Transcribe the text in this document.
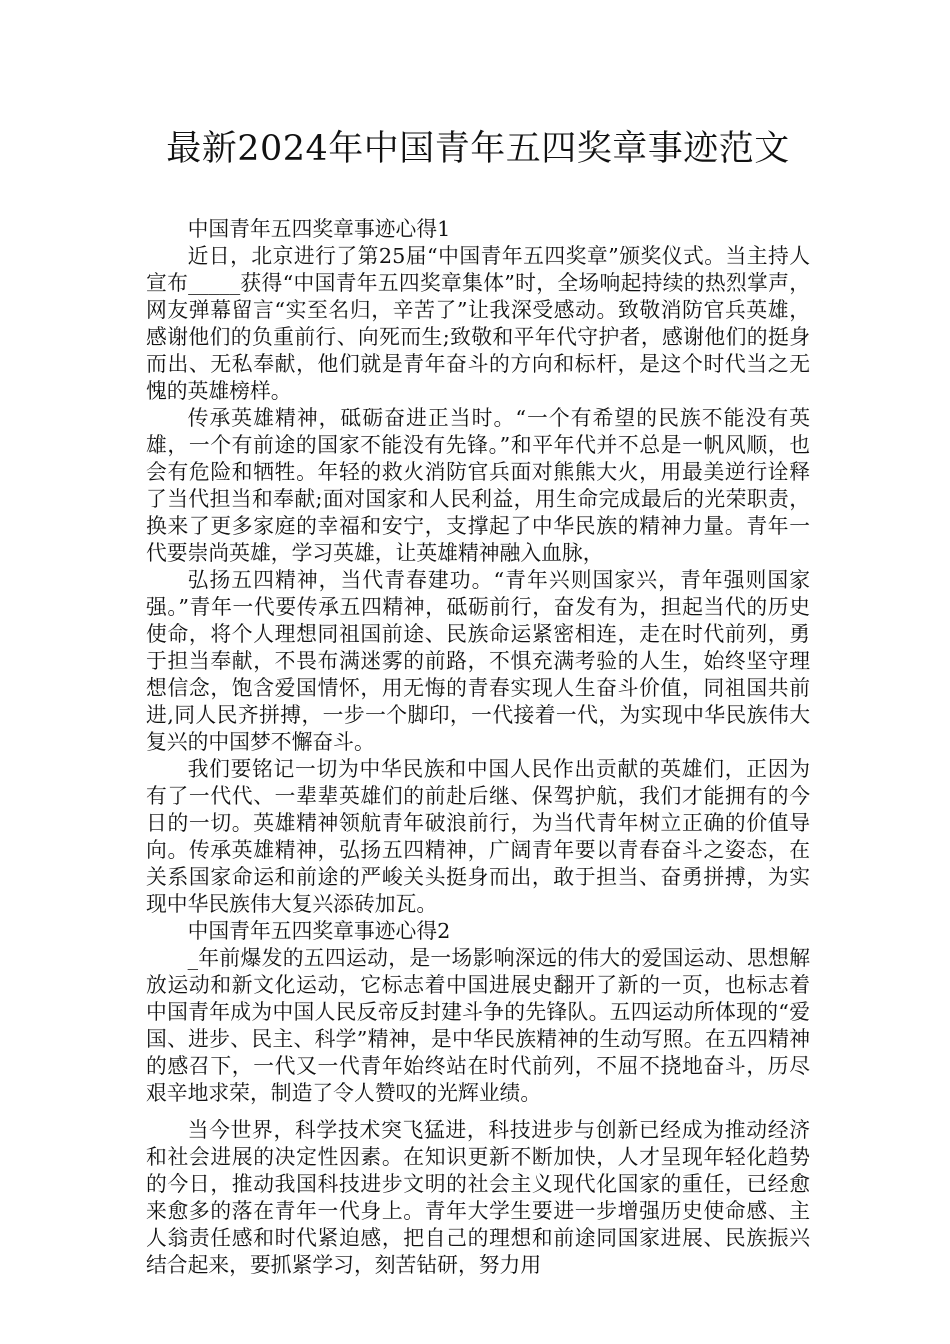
最新2024年中国青年五四奖章事迹范文

中国青年五四奖章事迹心得1

近日，北京进行了第25届“中国青年五四奖章”颁奖仪式。当主持人宣布_____获得“中国青年五四奖章集体”时，全场响起持续的热烈掌声，网友弹幕留言“实至名归，辛苦了”让我深受感动。致敬消防官兵英雄，感谢他们的负重前行、向死而生;致敬和平年代守护者，感谢他们的挺身而出、无私奉献，他们就是青年奋斗的方向和标杆，是这个时代当之无愧的英雄榜样。

传承英雄精神，砥砺奋进正当时。“一个有希望的民族不能没有英雄，一个有前途的国家不能没有先锋。”和平年代并不总是一帆风顺，也会有危险和牺牲。年轻的救火消防官兵面对熊熊大火，用最美逆行诠释了当代担当和奉献;面对国家和人民利益，用生命完成最后的光荣职责，换来了更多家庭的幸福和安宁，支撑起了中华民族的精神力量。青年一代要崇尚英雄，学习英雄，让英雄精神融入血脉，

弘扬五四精神，当代青春建功。“青年兴则国家兴，青年强则国家强。”青年一代要传承五四精神，砥砺前行，奋发有为，担起当代的历史使命，将个人理想同祖国前途、民族命运紧密相连，走在时代前列，勇于担当奉献，不畏布满迷雾的前路，不惧充满考验的人生，始终坚守理想信念，饱含爱国情怀，用无悔的青春实现人生奋斗价值，同祖国共前进,同人民齐拼搏，一步一个脚印，一代接着一代，为实现中华民族伟大复兴的中国梦不懈奋斗。

我们要铭记一切为中华民族和中国人民作出贡献的英雄们，正因为有了一代代、一辈辈英雄们的前赴后继、保驾护航，我们才能拥有的今日的一切。英雄精神领航青年破浪前行，为当代青年树立正确的价值导向。传承英雄精神，弘扬五四精神，广阔青年要以青春奋斗之姿态，在关系国家命运和前途的严峻关头挺身而出，敢于担当、奋勇拼搏，为实现中华民族伟大复兴添砖加瓦。

中国青年五四奖章事迹心得2

_年前爆发的五四运动，是一场影响深远的伟大的爱国运动、思想解放运动和新文化运动，它标志着中国进展史翻开了新的一页，也标志着中国青年成为中国人民反帝反封建斗争的先锋队。五四运动所体现的“爱国、进步、民主、科学”精神，是中华民族精神的生动写照。在五四精神的感召下，一代又一代青年始终站在时代前列，不屈不挠地奋斗，历尽艰辛地求荣，制造了令人赞叹的光辉业绩。

当今世界，科学技术突飞猛进，科技进步与创新已经成为推动经济和社会进展的决定性因素。在知识更新不断加快，人才呈现年轻化趋势的今日，推动我国科技进步文明的社会主义现代化国家的重任，已经愈来愈多的落在青年一代身上。青年大学生要进一步增强历史使命感、主人翁责任感和时代紧迫感，把自己的理想和前途同国家进展、民族振兴结合起来，要抓紧学习，刻苦钻研，努力用
